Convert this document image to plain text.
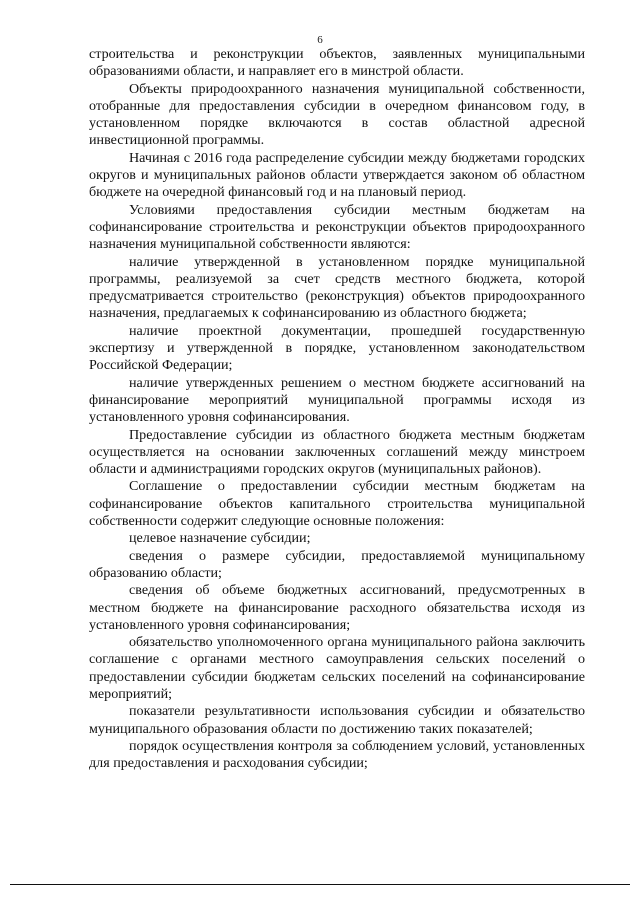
6

строительства и реконструкции объектов, заявленных муниципальными образованиями области, и направляет его в минстрой области.

Объекты природоохранного назначения муниципальной собственности, отобранные для предоставления субсидии в очередном финансовом году, в установленном порядке включаются в состав областной адресной инвестиционной программы.

Начиная с 2016 года распределение субсидии между бюджетами городских округов и муниципальных районов области утверждается законом об областном бюджете на очередной финансовый год и на плановый период.

Условиями предоставления субсидии местным бюджетам на софинансирование строительства и реконструкции объектов природоохранного назначения муниципальной собственности являются:

наличие утвержденной в установленном порядке муниципальной программы, реализуемой за счет средств местного бюджета, которой предусматривается строительство (реконструкция) объектов природоохранного назначения, предлагаемых к софинансированию из областного бюджета;

наличие проектной документации, прошедшей государственную экспертизу и утвержденной в порядке, установленном законодательством Российской Федерации;

наличие утвержденных решением о местном бюджете ассигнований на финансирование мероприятий муниципальной программы исходя из установленного уровня софинансирования.

Предоставление субсидии из областного бюджета местным бюджетам осуществляется на основании заключенных соглашений между минстроем области и администрациями городских округов (муниципальных районов).

Соглашение о предоставлении субсидии местным бюджетам на софинансирование объектов капитального строительства муниципальной собственности содержит следующие основные положения:

целевое назначение субсидии;

сведения о размере субсидии, предоставляемой муниципальному образованию области;

сведения об объеме бюджетных ассигнований, предусмотренных в местном бюджете на финансирование расходного обязательства исходя из установленного уровня софинансирования;

обязательство уполномоченного органа муниципального района заключить соглашение с органами местного самоуправления сельских поселений о предоставлении субсидии бюджетам сельских поселений на софинансирование мероприятий;

показатели результативности использования субсидии и обязательство муниципального образования области по достижению таких показателей;

порядок осуществления контроля за соблюдением условий, установленных для предоставления и расходования субсидии;
